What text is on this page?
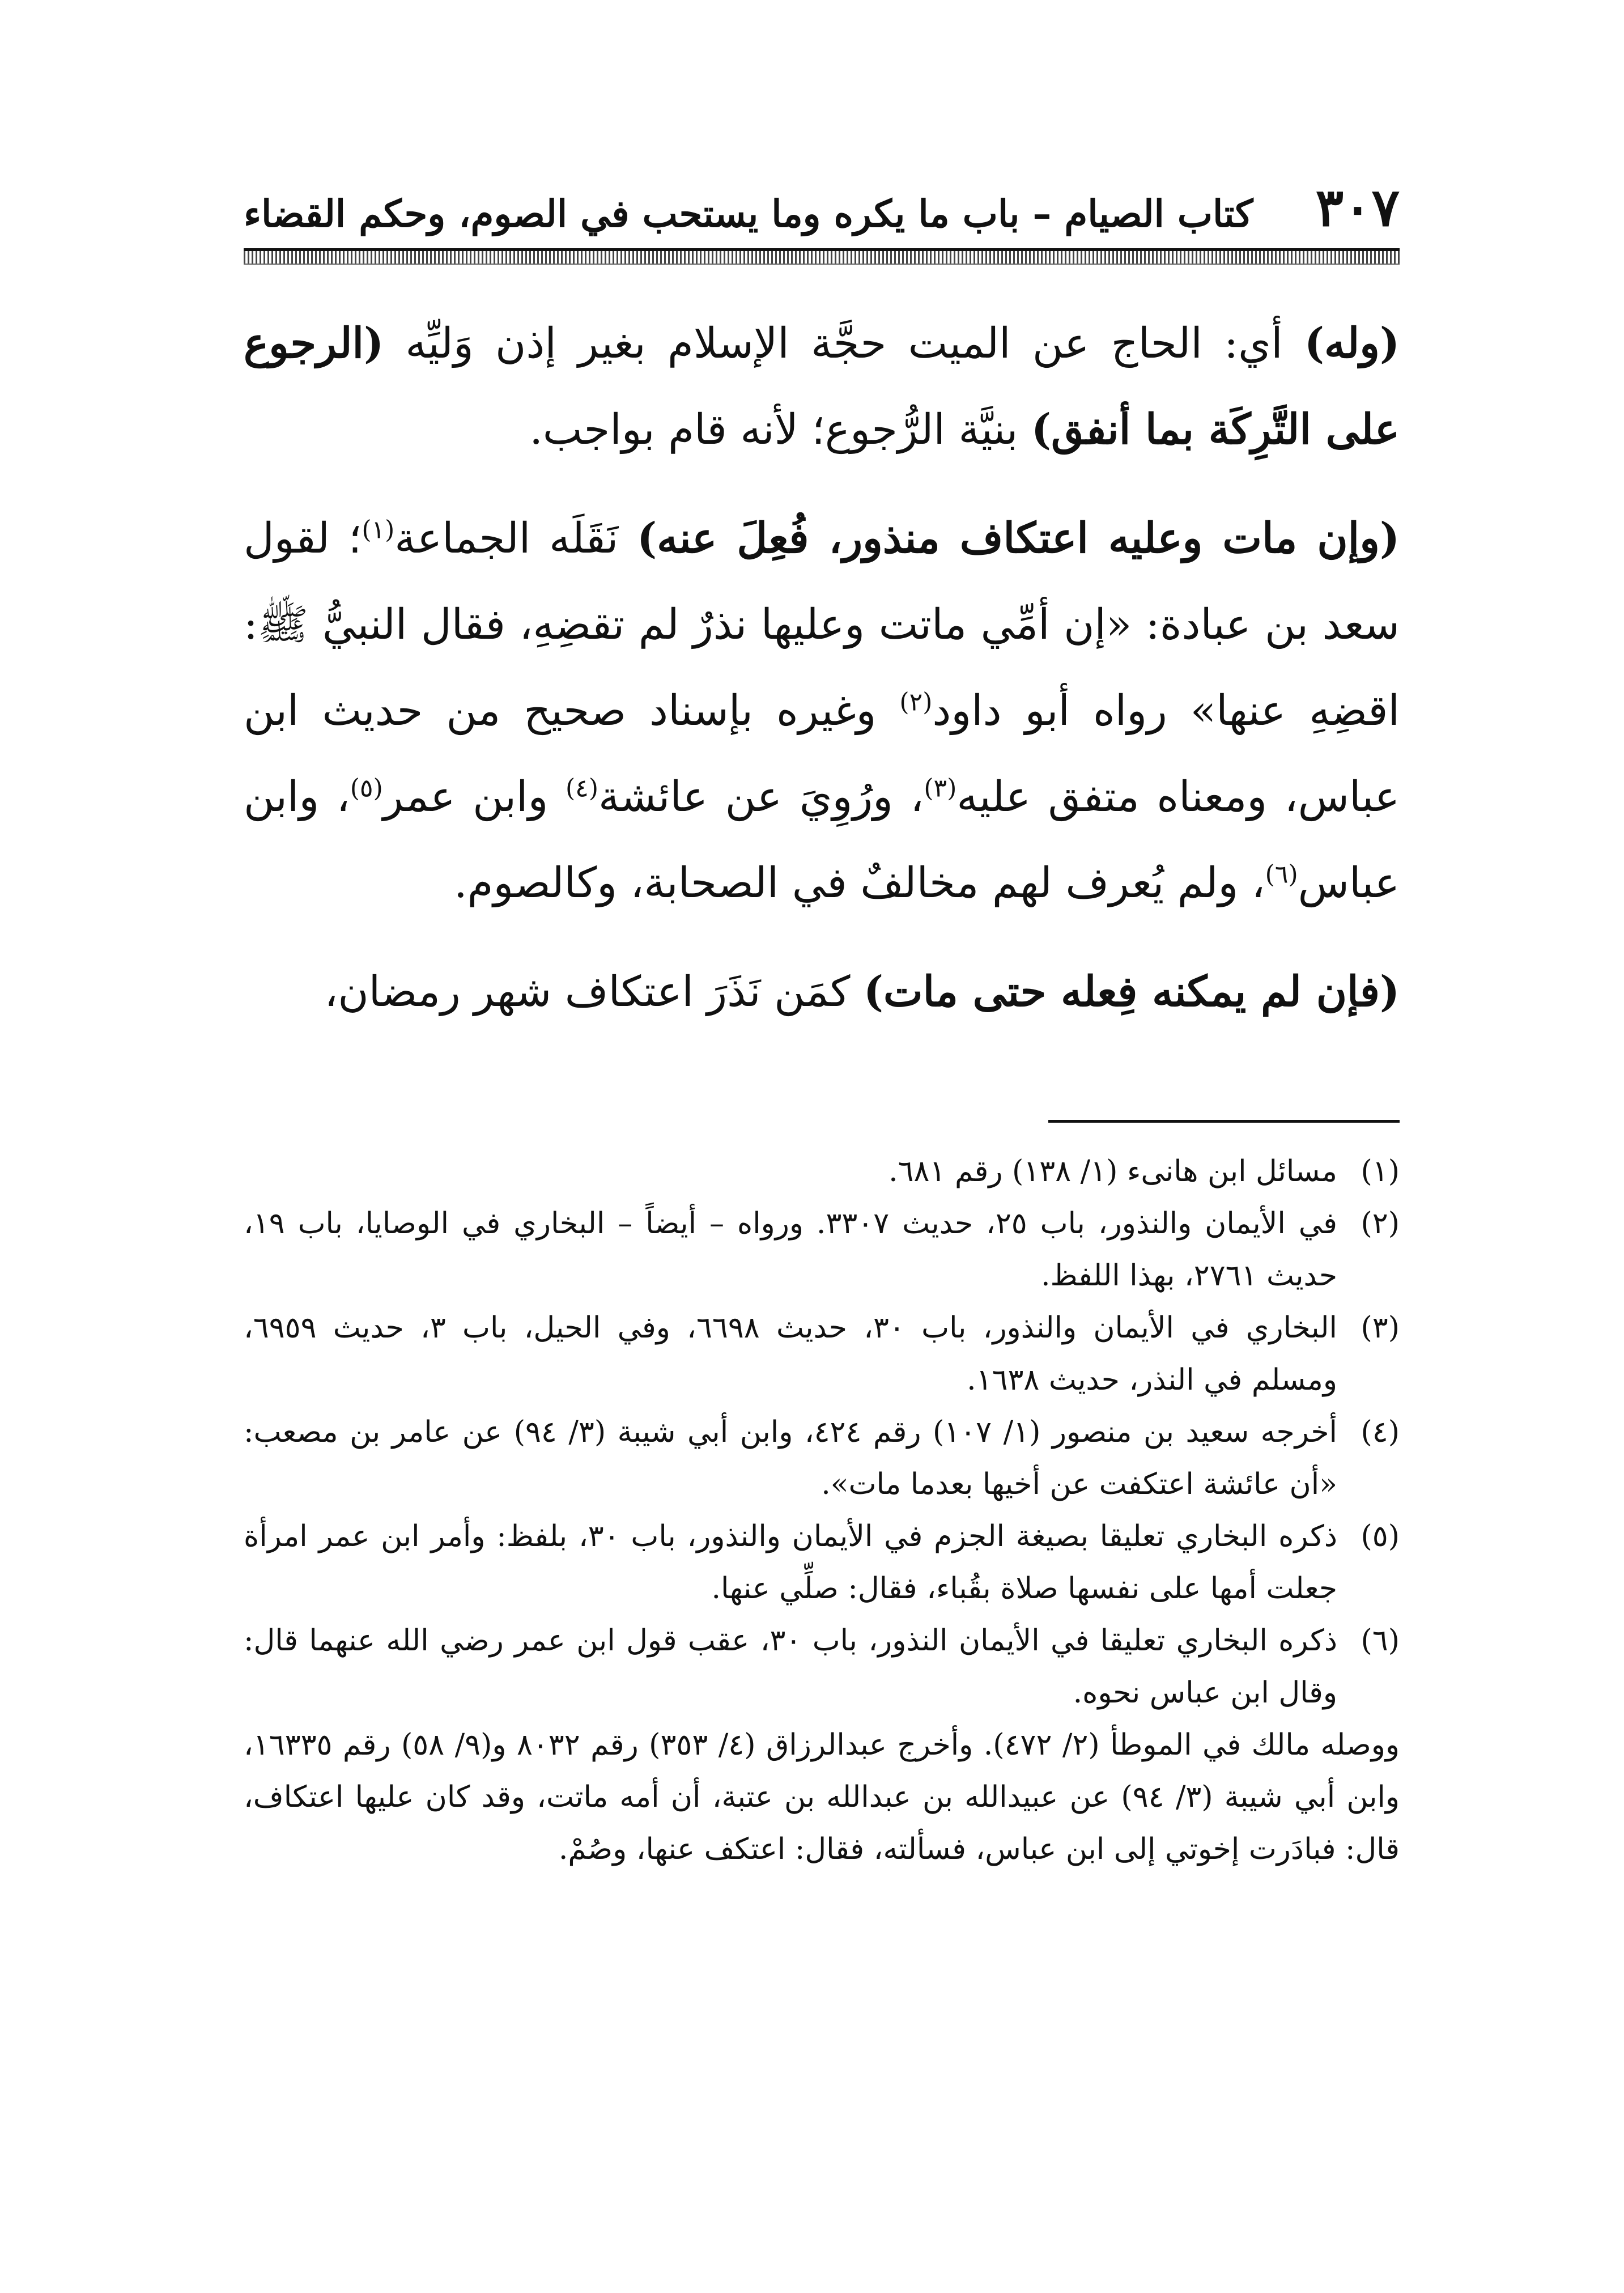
٣٠٧
كتاب الصيام – باب ما يكره وما يستحب في الصوم، وحكم القضاء

(وله) أي: الحاج عن الميت حجَّة الإسلام بغير إذن وَليِّه (الرجوع على التَّرِكَة بما أنفق) بنيَّة الرُّجوع؛ لأنه قام بواجب.

(وإن مات وعليه اعتكاف منذور، فُعِلَ عنه) نَقَلَه الجماعة$^{(١)}$؛ لقول سعد بن عبادة: «إن أمِّي ماتت وعليها نذرٌ لم تقضِهِ، فقال النبيُّ ﷺ: اقضِهِ عنها» رواه أبو داود$^{(٢)}$ وغيره بإسناد صحيح من حديث ابن عباس، ومعناه متفق عليه$^{(٣)}$، ورُوِيَ عن عائشة$^{(٤)}$ وابن عمر$^{(٥)}$، وابن عباس$^{(٦)}$، ولم يُعرف لهم مخالفٌ في الصحابة، وكالصوم.

(فإن لم يمكنه فِعله حتى مات) كمَن نَذَرَ اعتكاف شهر رمضان،

(١)
مسائل ابن هانىء (١/ ١٣٨) رقم ٦٨١.
(٢)
في الأيمان والنذور، باب ٢٥، حديث ٣٣٠٧. ورواه – أيضاً – البخاري في الوصايا، باب ١٩، حديث ٢٧٦١، بهذا اللفظ.
(٣)
البخاري في الأيمان والنذور، باب ٣٠، حديث ٦٦٩٨، وفي الحيل، باب ٣، حديث ٦٩٥٩، ومسلم في النذر، حديث ١٦٣٨.
(٤)
أخرجه سعيد بن منصور (١/ ١٠٧) رقم ٤٢٤، وابن أبي شيبة (٣/ ٩٤) عن عامر بن مصعب: «أن عائشة اعتكفت عن أخيها بعدما مات».
(٥)
ذكره البخاري تعليقا بصيغة الجزم في الأيمان والنذور، باب ٣٠، بلفظ: وأمر ابن عمر امرأة جعلت أمها على نفسها صلاة بقُباء، فقال: صلِّي عنها.
(٦)
ذكره البخاري تعليقا في الأيمان النذور، باب ٣٠، عقب قول ابن عمر رضي الله عنهما قال: وقال ابن عباس نحوه.

ووصله مالك في الموطأ (٢/ ٤٧٢). وأخرج عبدالرزاق (٤/ ٣٥٣) رقم ٨٠٣٢ و(٩/ ٥٨) رقم ١٦٣٣٥، وابن أبي شيبة (٣/ ٩٤) عن عبيدالله بن عبدالله بن عتبة، أن أمه ماتت، وقد كان عليها اعتكاف، قال: فبادَرت إخوتي إلى ابن عباس، فسألته، فقال: اعتكف عنها، وصُمْ.
